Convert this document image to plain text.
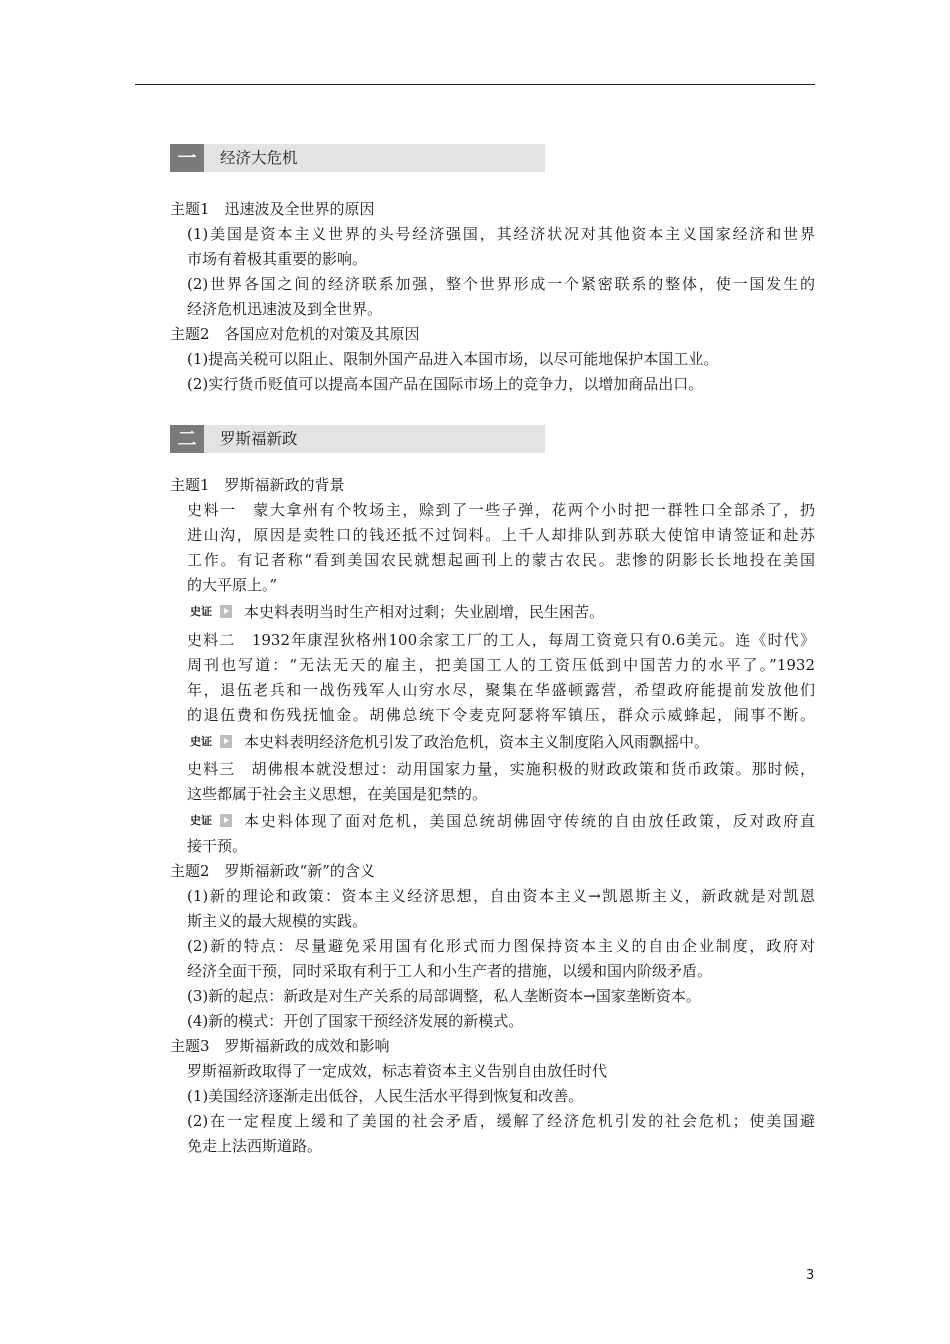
一	经济大危机
主题1　迅速波及全世界的原因
(1)美国是资本主义世界的头号经济强国，其经济状况对其他资本主义国家经济和世界
市场有着极其重要的影响。
(2)世界各国之间的经济联系加强，整个世界形成一个紧密联系的整体，使一国发生的
经济危机迅速波及到全世界。
主题2　各国应对危机的对策及其原因
(1)提高关税可以阻止、限制外国产品进入本国市场，以尽可能地保护本国工业。
(2)实行货币贬值可以提高本国产品在国际市场上的竞争力，以增加商品出口。
二	罗斯福新政
主题1　罗斯福新政的背景
史料一　蒙大拿州有个牧场主，赊到了一些子弹，花两个小时把一群牲口全部杀了，扔
进山沟，原因是卖牲口的钱还抵不过饲料。上千人却排队到苏联大使馆申请签证和赴苏
工作。有记者称“看到美国农民就想起画刊上的蒙古农民。悲惨的阴影长长地投在美国
的大平原上。”
史证 本史料表明当时生产相对过剩；失业剧增，民生困苦。
史料二　1932年康涅狄格州100余家工厂的工人，每周工资竟只有0.6美元。连《时代》
周刊也写道：“无法无天的雇主，把美国工人的工资压低到中国苦力的水平了。”1932
年，退伍老兵和一战伤残军人山穷水尽，聚集在华盛顿露营，希望政府能提前发放他们
的退伍费和伤残抚恤金。胡佛总统下令麦克阿瑟将军镇压，群众示威蜂起，闹事不断。
史证 本史料表明经济危机引发了政治危机，资本主义制度陷入风雨飘摇中。
史料三　胡佛根本就没想过：动用国家力量，实施积极的财政政策和货币政策。那时候，
这些都属于社会主义思想，在美国是犯禁的。
史证 本史料体现了面对危机，美国总统胡佛固守传统的自由放任政策，反对政府直
接干预。
主题2　罗斯福新政“新”的含义
(1)新的理论和政策：资本主义经济思想，自由资本主义→凯恩斯主义，新政就是对凯恩
斯主义的最大规模的实践。
(2)新的特点：尽量避免采用国有化形式而力图保持资本主义的自由企业制度，政府对
经济全面干预，同时采取有利于工人和小生产者的措施，以缓和国内阶级矛盾。
(3)新的起点：新政是对生产关系的局部调整，私人垄断资本→国家垄断资本。
(4)新的模式：开创了国家干预经济发展的新模式。
主题3　罗斯福新政的成效和影响
罗斯福新政取得了一定成效，标志着资本主义告别自由放任时代
(1)美国经济逐渐走出低谷，人民生活水平得到恢复和改善。
(2)在一定程度上缓和了美国的社会矛盾，缓解了经济危机引发的社会危机；使美国避
免走上法西斯道路。
3
